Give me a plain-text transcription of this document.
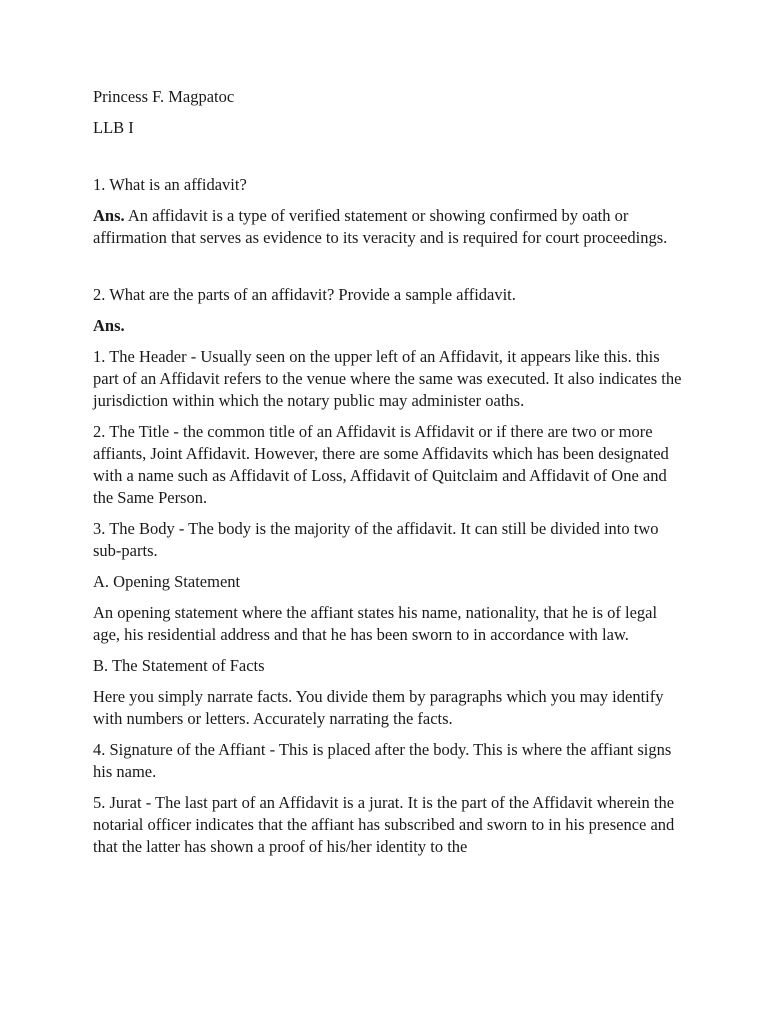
Princess F. Magpatoc

LLB I

1. What is an affidavit?

Ans. An affidavit is a type of verified statement or showing confirmed by oath or affirmation that serves as evidence to its veracity and is required for court proceedings.

2. What are the parts of an affidavit? Provide a sample affidavit.

Ans.

1. The Header - Usually seen on the upper left of an Affidavit, it appears like this. this part of an Affidavit refers to the venue where the same was executed. It also indicates the jurisdiction within which the notary public may administer oaths.

2. The Title - the common title of an Affidavit is Affidavit or if there are two or more affiants, Joint Affidavit. However, there are some Affidavits which has been designated with a name such as Affidavit of Loss, Affidavit of Quitclaim and Affidavit of One and the Same Person.

3. The Body - The body is the majority of the affidavit. It can still be divided into two sub-parts.

A. Opening Statement

An opening statement where the affiant states his name, nationality, that he is of legal age, his residential address and that he has been sworn to in accordance with law.

B. The Statement of Facts

Here you simply narrate facts. You divide them by paragraphs which you may identify with numbers or letters. Accurately narrating the facts.

4. Signature of the Affiant - This is placed after the body. This is where the affiant signs his name.

5. Jurat - The last part of an Affidavit is a jurat. It is the part of the Affidavit wherein the notarial officer indicates that the affiant has subscribed and sworn to in his presence and that the latter has shown a proof of his/her identity to the
